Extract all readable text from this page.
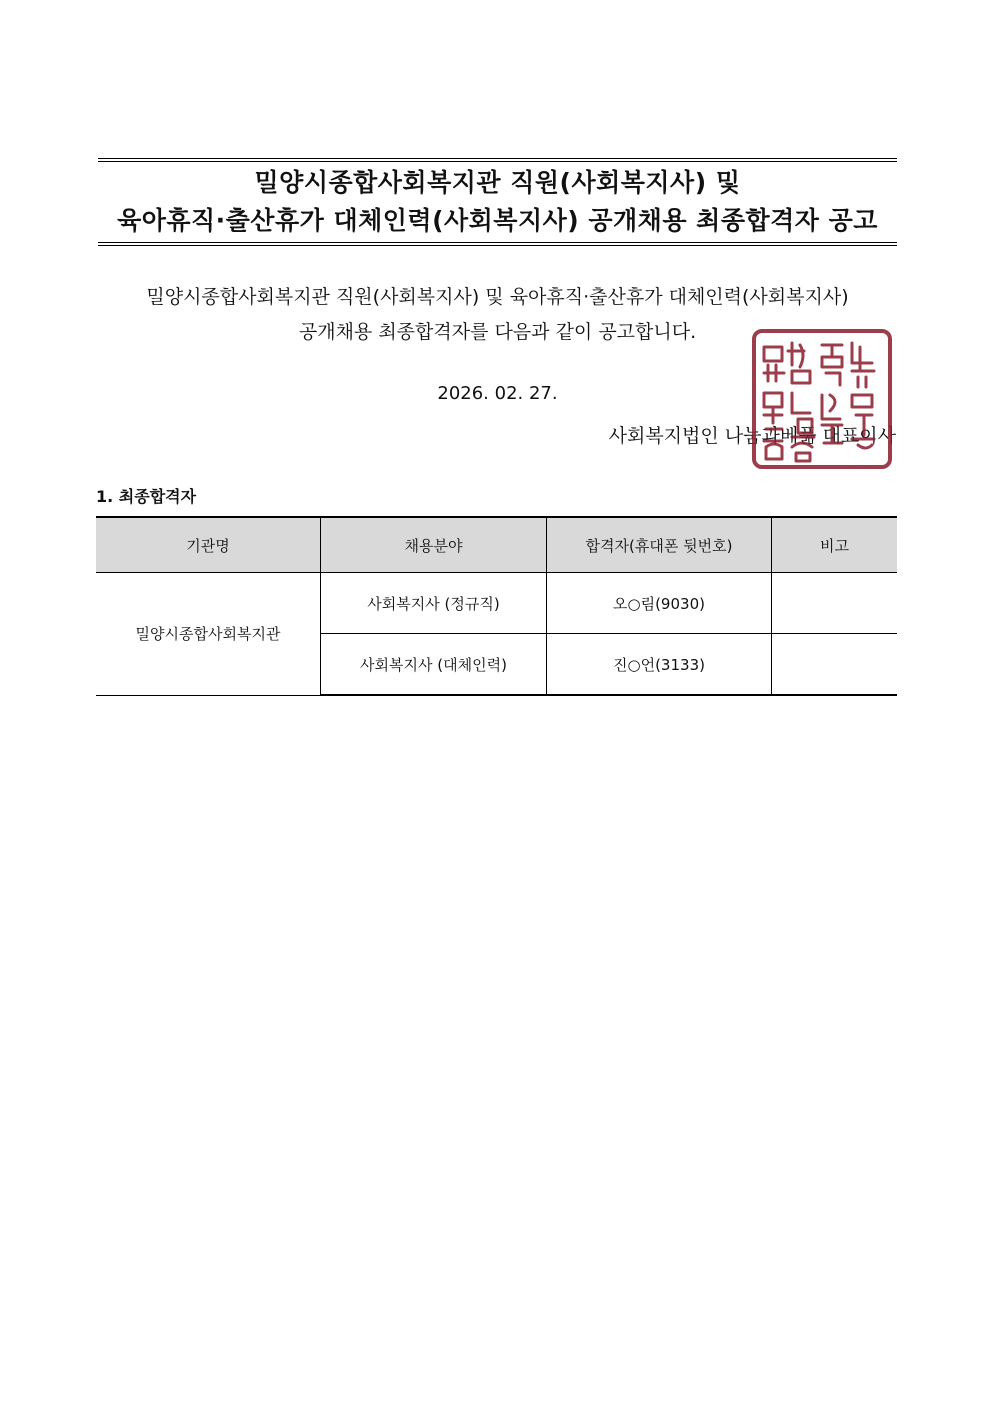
밀양시종합사회복지관 직원(사회복지사) 및
육아휴직·출산휴가 대체인력(사회복지사) 공개채용 최종합격자 공고
밀양시종합사회복지관 직원(사회복지사) 및 육아휴직·출산휴가 대체인력(사회복지사)
공개채용 최종합격자를 다음과 같이 공고합니다.
2026. 02. 27.
사회복지법인 나눔과베풂 대표이사
1. 최종합격자
기관명	채용분야	합격자(휴대폰 뒷번호)	비고
밀양시종합사회복지관	사회복지사 (정규직)	오○림(9030)	
	사회복지사 (대체인력)	진○언(3133)	
